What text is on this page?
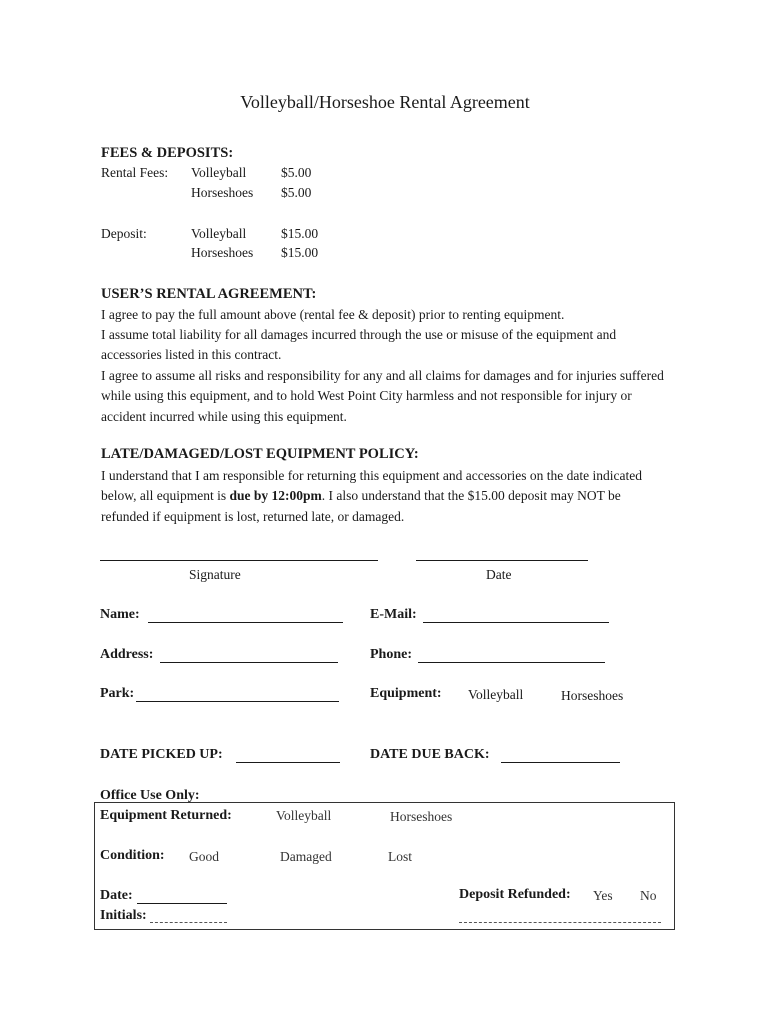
Volleyball/Horseshoe Rental Agreement
FEES & DEPOSITS:
Rental Fees: Volleyball	$5.00
Horseshoes $5.00
Deposit:	Volleyball	$15.00
Horseshoes $15.00
USER’S RENTAL AGREEMENT:
I agree to pay the full amount above (rental fee & deposit) prior to renting equipment.
I assume total liability for all damages incurred through the use or misuse of the equipment and accessories listed in this contract.
I agree to assume all risks and responsibility for any and all claims for damages and for injuries suffered while using this equipment, and to hold West Point City harmless and not responsible for injury or accident incurred while using this equipment.
LATE/DAMAGED/LOST EQUIPMENT POLICY:
I understand that I am responsible for returning this equipment and accessories on the date indicated below, all equipment is due by 12:00pm. I also understand that the $15.00 deposit may NOT be refunded if equipment is lost, returned late, or damaged.
Signature	Date
Name:	E-Mail:
Address:	Phone:
Park:	Equipment: Volleyball	Horseshoes
DATE PICKED UP:	DATE DUE BACK:
Office Use Only:
Equipment Returned:	Volleyball	Horseshoes
Condition: Good	Damaged	Lost
Date:
Initials:
Deposit Refunded: Yes No
